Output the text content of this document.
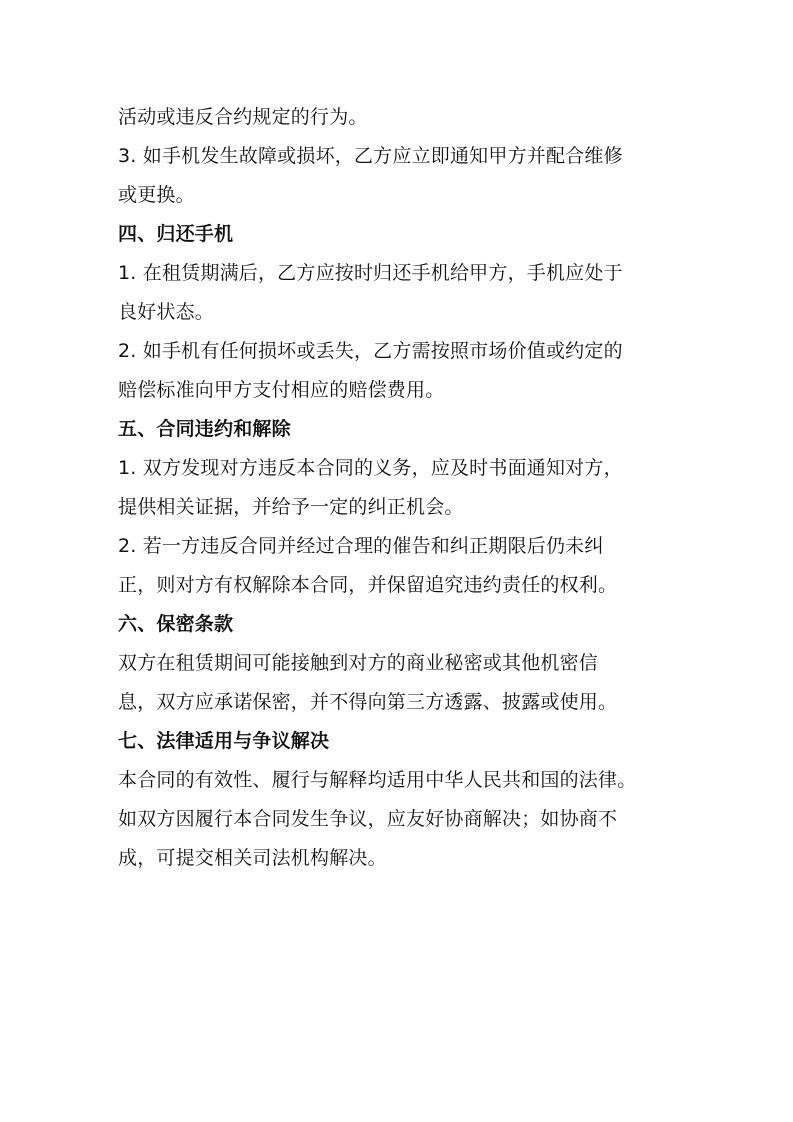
活动或违反合约规定的行为。
3. 如手机发生故障或损坏，乙方应立即通知甲方并配合维修
或更换。
四、归还手机
1. 在租赁期满后，乙方应按时归还手机给甲方，手机应处于
良好状态。
2. 如手机有任何损坏或丢失，乙方需按照市场价值或约定的
赔偿标准向甲方支付相应的赔偿费用。
五、合同违约和解除
1. 双方发现对方违反本合同的义务，应及时书面通知对方，
提供相关证据，并给予一定的纠正机会。
2. 若一方违反合同并经过合理的催告和纠正期限后仍未纠
正，则对方有权解除本合同，并保留追究违约责任的权利。
六、保密条款
双方在租赁期间可能接触到对方的商业秘密或其他机密信
息，双方应承诺保密，并不得向第三方透露、披露或使用。
七、法律适用与争议解决
本合同的有效性、履行与解释均适用中华人民共和国的法律。
如双方因履行本合同发生争议，应友好协商解决；如协商不
成，可提交相关司法机构解决。
